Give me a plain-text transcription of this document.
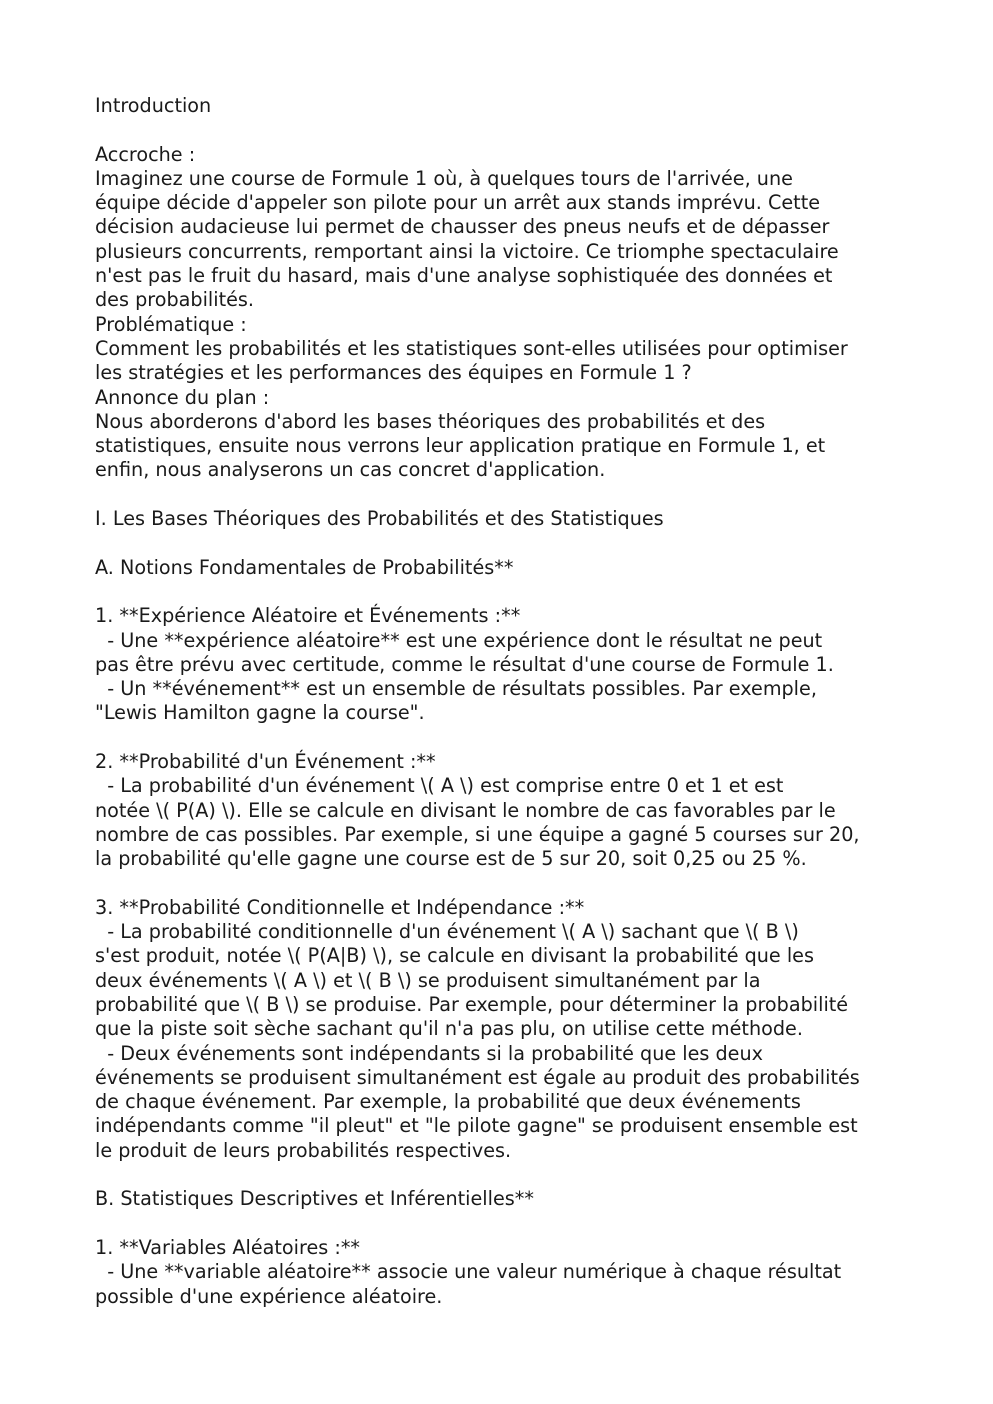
Introduction
Accroche :
Imaginez une course de Formule 1 où, à quelques tours de l'arrivée, une
équipe décide d'appeler son pilote pour un arrêt aux stands imprévu. Cette
décision audacieuse lui permet de chausser des pneus neufs et de dépasser
plusieurs concurrents, remportant ainsi la victoire. Ce triomphe spectaculaire
n'est pas le fruit du hasard, mais d'une analyse sophistiquée des données et
des probabilités.
Problématique :
Comment les probabilités et les statistiques sont-elles utilisées pour optimiser
les stratégies et les performances des équipes en Formule 1 ?
Annonce du plan :
Nous aborderons d'abord les bases théoriques des probabilités et des
statistiques, ensuite nous verrons leur application pratique en Formule 1, et
enfin, nous analyserons un cas concret d'application.
I. Les Bases Théoriques des Probabilités et des Statistiques
A. Notions Fondamentales de Probabilités**
1. **Expérience Aléatoire et Événements :**
- Une **expérience aléatoire** est une expérience dont le résultat ne peut
pas être prévu avec certitude, comme le résultat d'une course de Formule 1.
- Un **événement** est un ensemble de résultats possibles. Par exemple,
"Lewis Hamilton gagne la course".
2. **Probabilité d'un Événement :**
- La probabilité d'un événement \( A \) est comprise entre 0 et 1 et est
notée \( P(A) \). Elle se calcule en divisant le nombre de cas favorables par le
nombre de cas possibles. Par exemple, si une équipe a gagné 5 courses sur 20,
la probabilité qu'elle gagne une course est de 5 sur 20, soit 0,25 ou 25 %.
3. **Probabilité Conditionnelle et Indépendance :**
- La probabilité conditionnelle d'un événement \( A \) sachant que \( B \)
s'est produit, notée \( P(A|B) \), se calcule en divisant la probabilité que les
deux événements \( A \) et \( B \) se produisent simultanément par la
probabilité que \( B \) se produise. Par exemple, pour déterminer la probabilité
que la piste soit sèche sachant qu'il n'a pas plu, on utilise cette méthode.
- Deux événements sont indépendants si la probabilité que les deux
événements se produisent simultanément est égale au produit des probabilités
de chaque événement. Par exemple, la probabilité que deux événements
indépendants comme "il pleut" et "le pilote gagne" se produisent ensemble est
le produit de leurs probabilités respectives.
B. Statistiques Descriptives et Inférentielles**
1. **Variables Aléatoires :**
- Une **variable aléatoire** associe une valeur numérique à chaque résultat
possible d'une expérience aléatoire.
